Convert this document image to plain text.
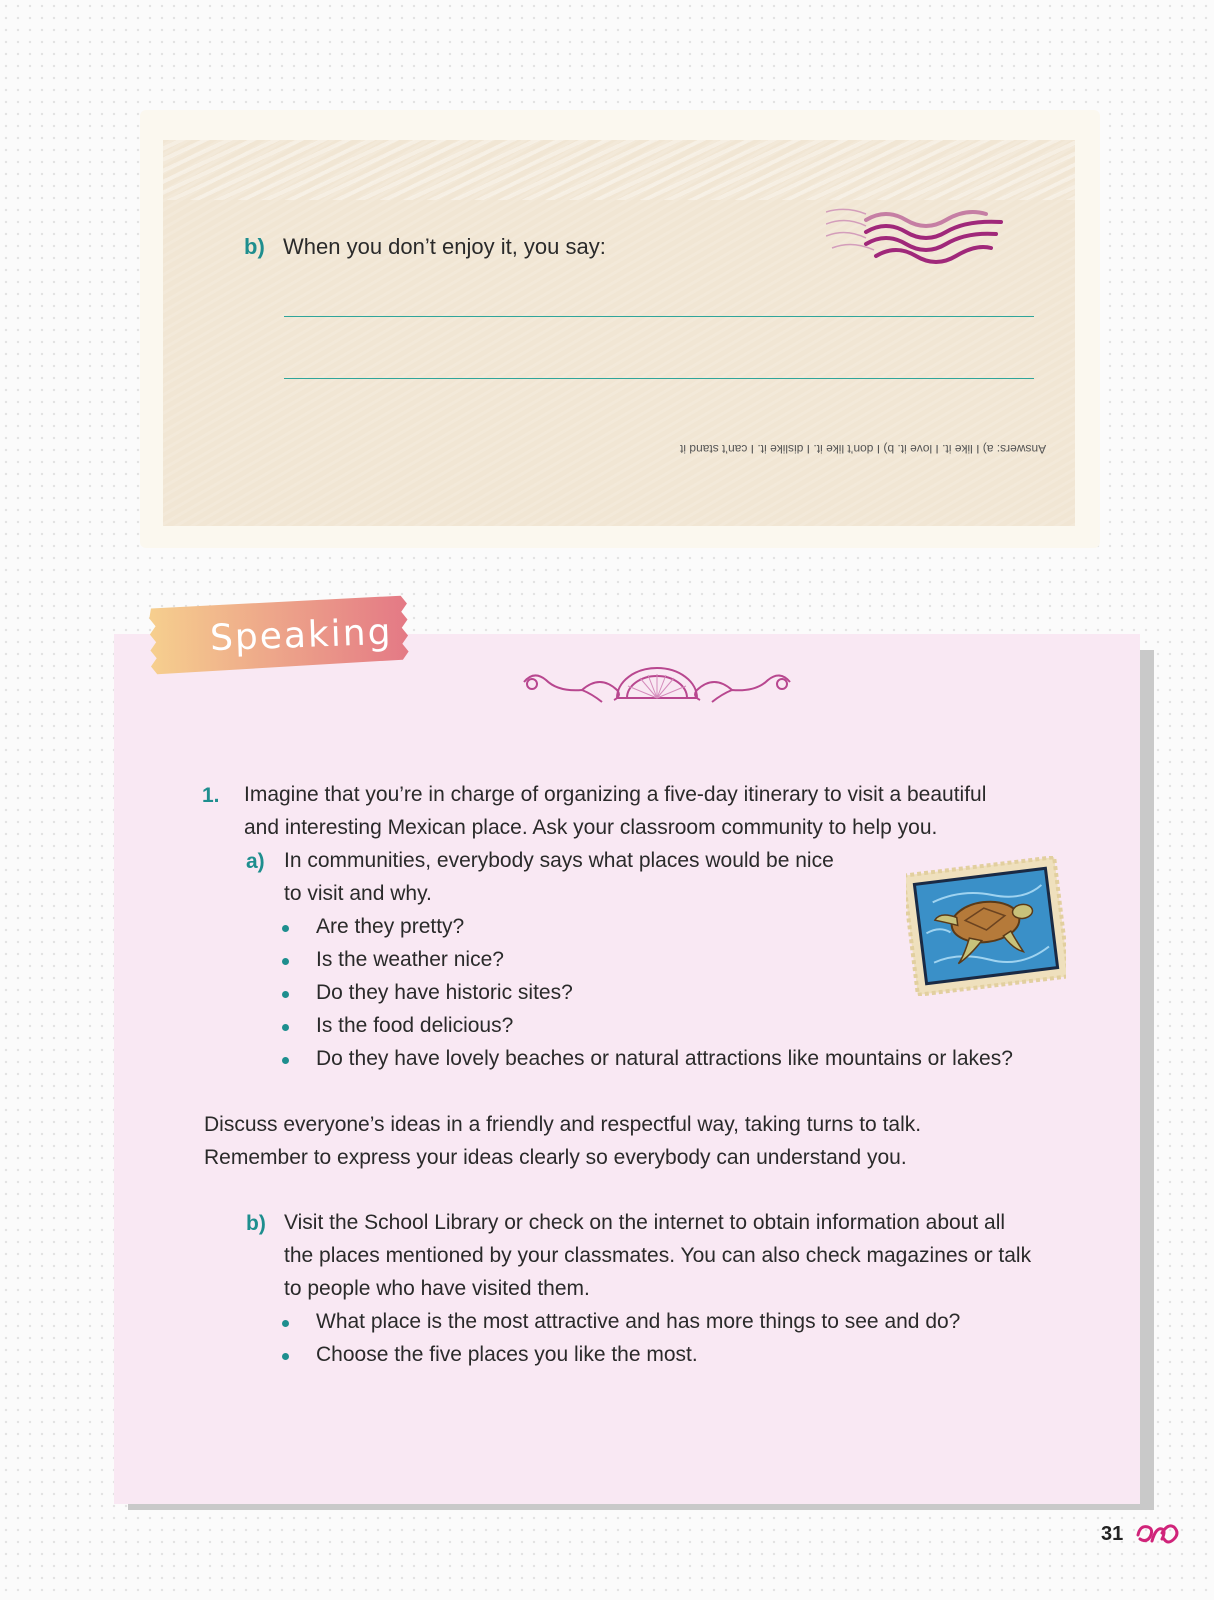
b) When you don’t enjoy it, you say:
Answers: a) I like it. I love it. b) I don’t like it. I dislike it. I can’t stand it
Speaking
1. Imagine that you’re in charge of organizing a five-day itinerary to visit a beautiful
and interesting Mexican place. Ask your classroom community to help you.
a) In communities, everybody says what places would be nice
to visit and why.
Are they pretty?
Is the weather nice?
Do they have historic sites?
Is the food delicious?
Do they have lovely beaches or natural attractions like mountains or lakes?
Discuss everyone’s ideas in a friendly and respectful way, taking turns to talk.
Remember to express your ideas clearly so everybody can understand you.
b) Visit the School Library or check on the internet to obtain information about all
the places mentioned by your classmates. You can also check magazines or talk
to people who have visited them.
What place is the most attractive and has more things to see and do?
Choose the five places you like the most.
31
